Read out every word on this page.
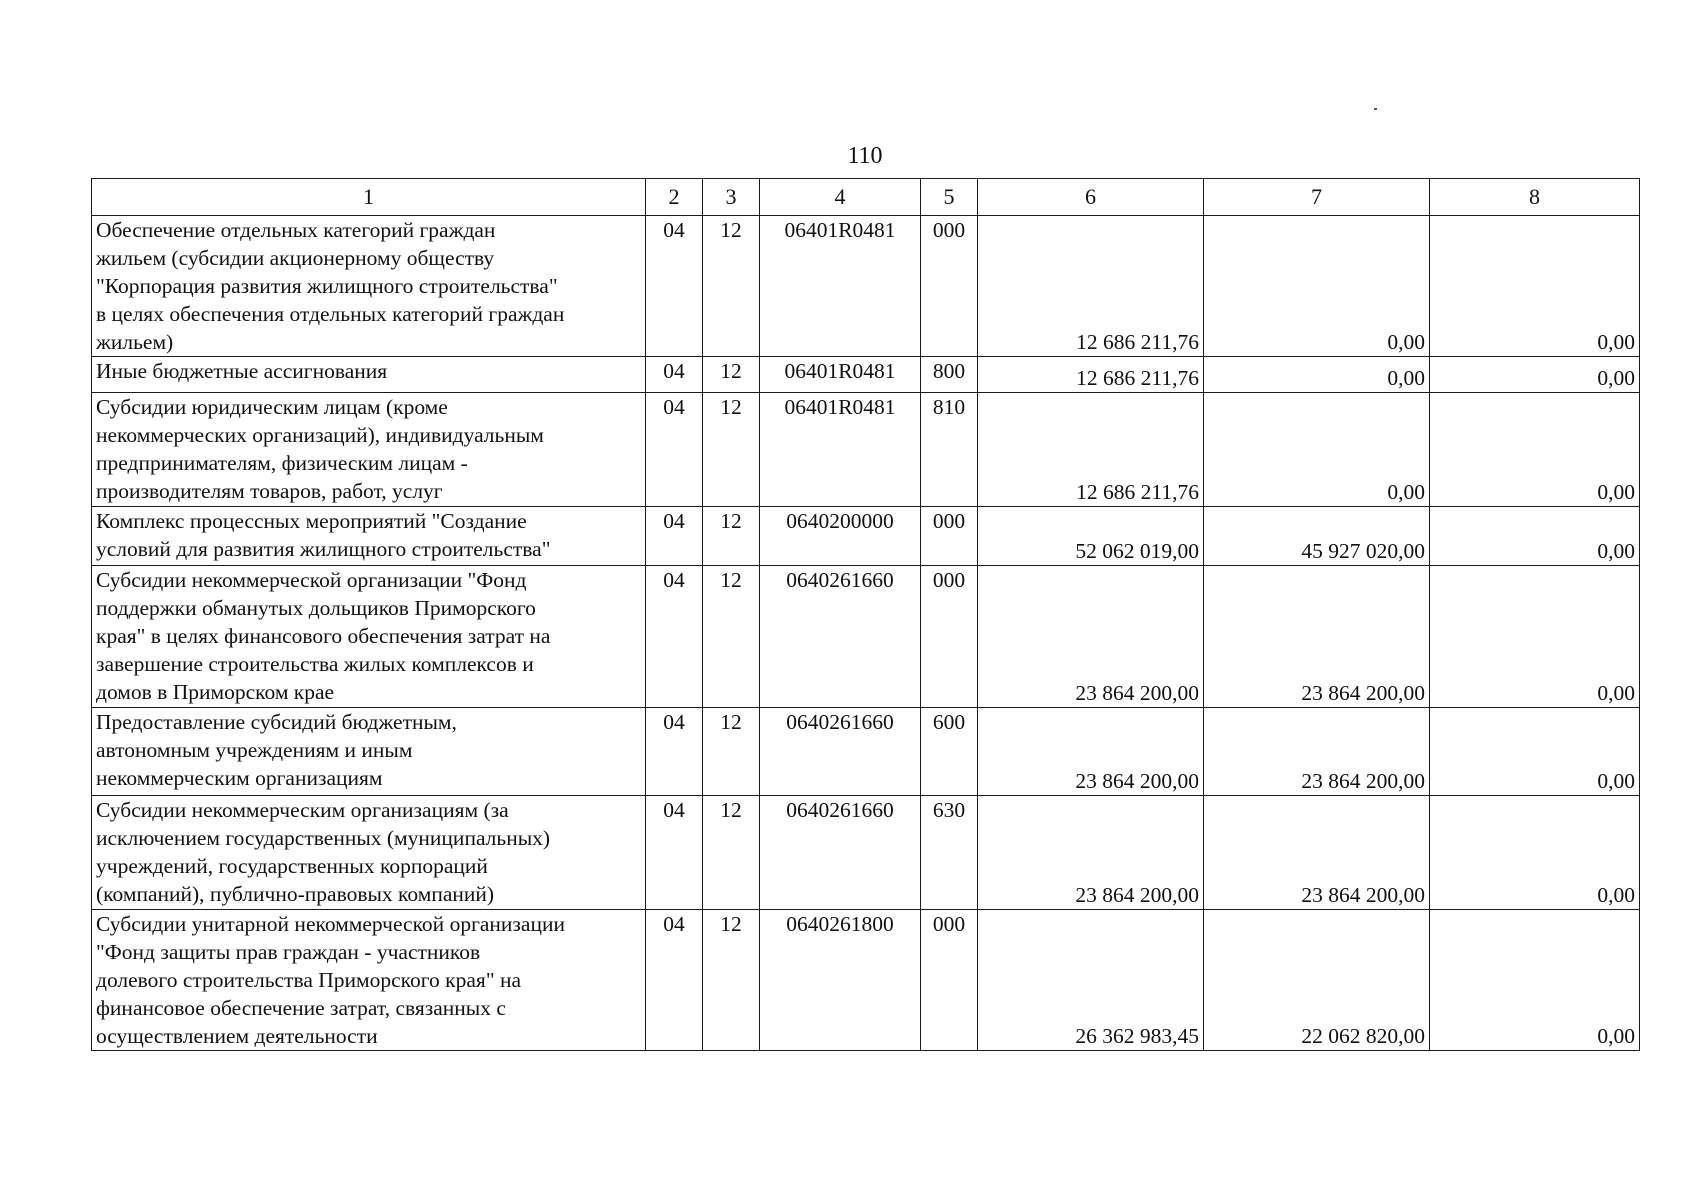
110
1	2	3	4	5	6	7	8
Обеспечение отдельных категорий граждан
жильем (субсидии акционерному обществу
"Корпорация развития жилищного строительства"
в целях обеспечения отдельных категорий граждан
жильем)	04	12	06401R0481	000	12 686 211,76	0,00	0,00
Иные бюджетные ассигнования	04	12	06401R0481	800	12 686 211,76	0,00	0,00
Субсидии юридическим лицам (кроме
некоммерческих организаций), индивидуальным
предпринимателям, физическим лицам -
производителям товаров, работ, услуг	04	12	06401R0481	810	12 686 211,76	0,00	0,00
Комплекс процессных мероприятий "Создание
условий для развития жилищного строительства"	04	12	0640200000	000	52 062 019,00	45 927 020,00	0,00
Субсидии некоммерческой организации "Фонд
поддержки обманутых дольщиков Приморского
края" в целях финансового обеспечения затрат на
завершение строительства жилых комплексов и
домов в Приморском крае	04	12	0640261660	000	23 864 200,00	23 864 200,00	0,00
Предоставление субсидий бюджетным,
автономным учреждениям и иным
некоммерческим организациям	04	12	0640261660	600	23 864 200,00	23 864 200,00	0,00
Субсидии некоммерческим организациям (за
исключением государственных (муниципальных)
учреждений, государственных корпораций
(компаний), публично-правовых компаний)	04	12	0640261660	630	23 864 200,00	23 864 200,00	0,00
Субсидии унитарной некоммерческой организации
"Фонд защиты прав граждан - участников
долевого строительства Приморского края" на
финансовое обеспечение затрат, связанных с
осуществлением деятельности	04	12	0640261800	000	26 362 983,45	22 062 820,00	0,00
